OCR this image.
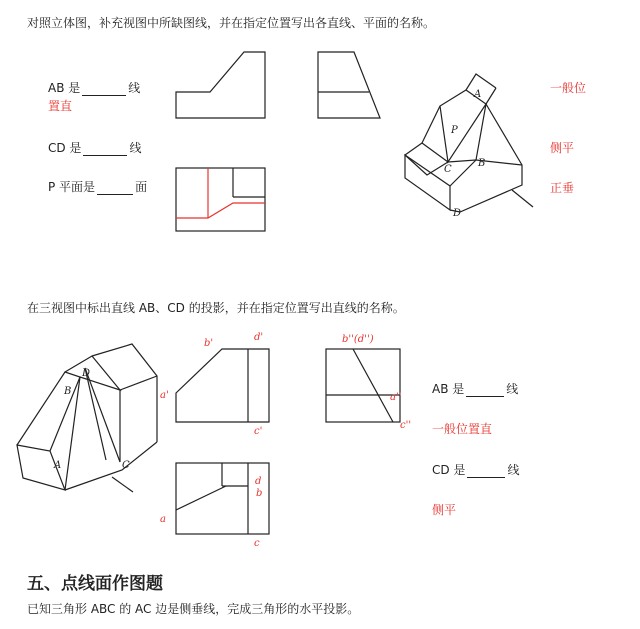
对照立体图，补充视图中所缺图线，并在指定位置写出各直线、平面的名称。
AB 是	线
置直
CD 是	线
P 平面是	面
一般位
侧平
正垂
在三视图中标出直线 AB、CD 的投影，并在指定位置写出直线的名称。
AB 是	线
一般位置直
CD 是	线
侧平
五、点线面作图题
已知三角形 ABC 的 AC 边是侧垂线，完成三角形的水平投影。
A
P
C
B
D
D
B
A	C
b'
d'
a'
c'
b''(d'')
a''
c''
d
b
a
c
